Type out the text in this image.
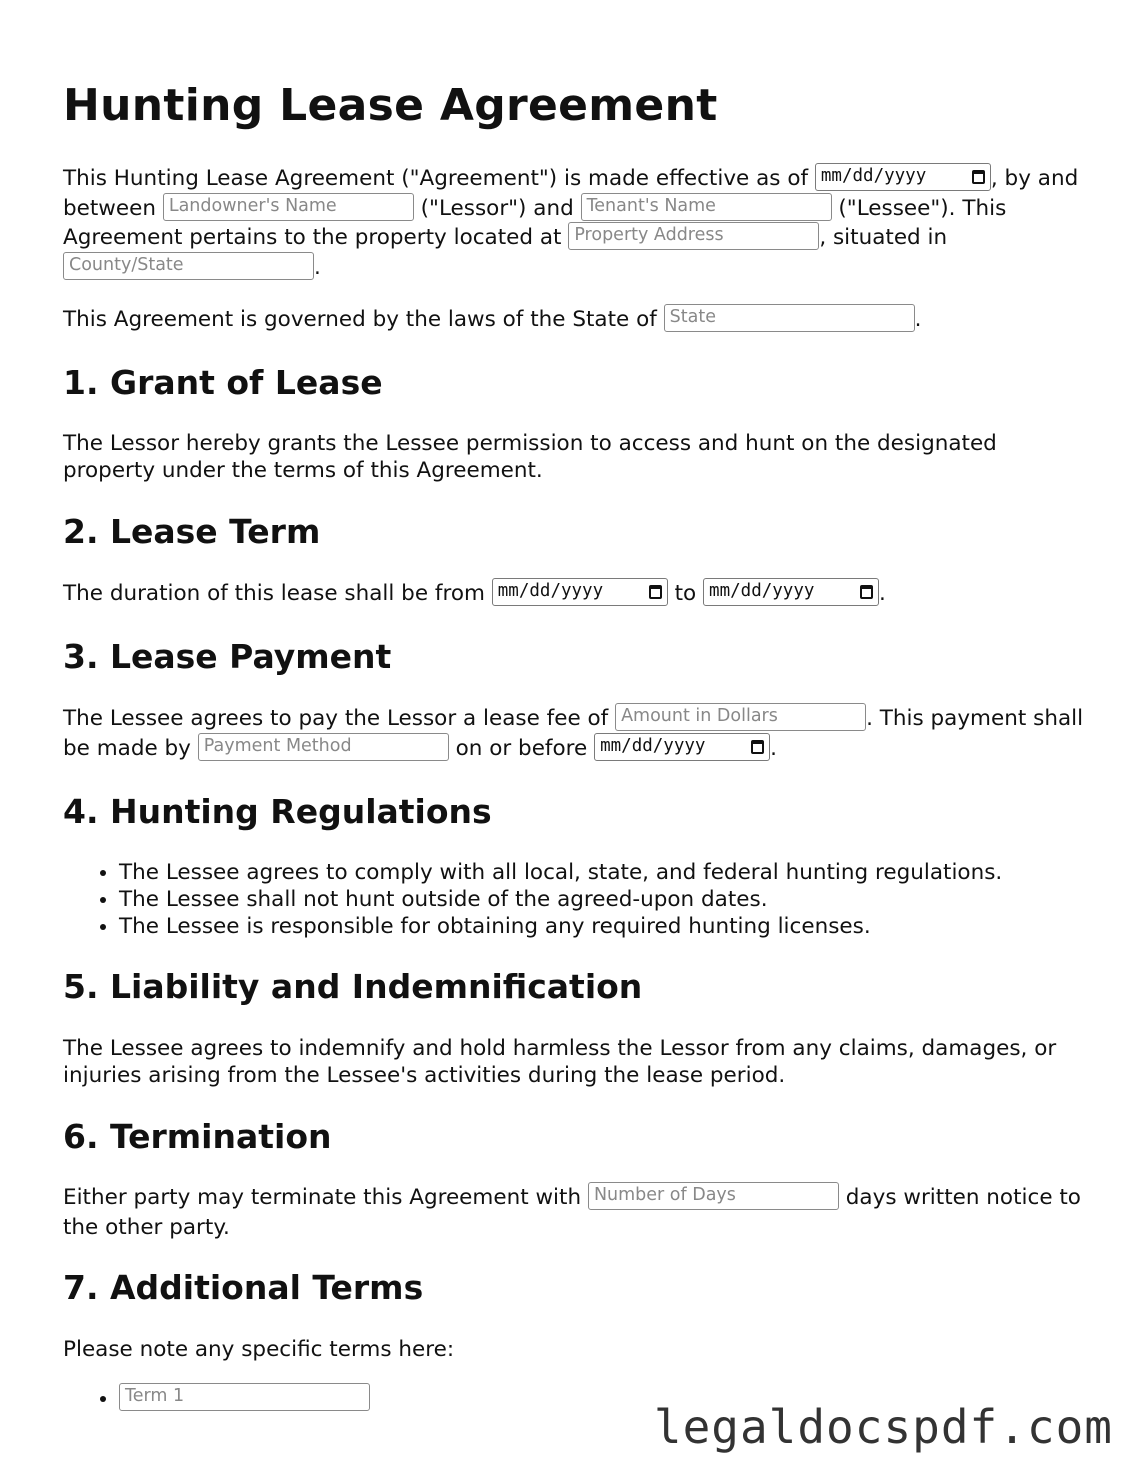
Hunting Lease Agreement

This Hunting Lease Agreement ("Agreement") is made effective as of mm/dd/yyyy	, by and between Landowner's Name	("Lessor") and Tenant's Name	("Lessee"). This Agreement pertains to the property located at Property Address	, situated in County/State	.

This Agreement is governed by the laws of the State of State	.

1. Grant of Lease

The Lessor hereby grants the Lessee permission to access and hunt on the designated property under the terms of this Agreement.

2. Lease Term

The duration of this lease shall be from mm/dd/yyyy	to mm/dd/yyyy	.

3. Lease Payment

The Lessee agrees to pay the Lessor a lease fee of Amount in Dollars	. This payment shall be made by Payment Method	on or before mm/dd/yyyy	.

4. Hunting Regulations
• The Lessee agrees to comply with all local, state, and federal hunting regulations.
• The Lessee shall not hunt outside of the agreed-upon dates.
• The Lessee is responsible for obtaining any required hunting licenses.
5. Liability and Indemnification

The Lessee agrees to indemnify and hold harmless the Lessor from any claims, damages, or injuries arising from the Lessee's activities during the lease period.

6. Termination

Either party may terminate this Agreement with Number of Days	days written notice to the other party.

7. Additional Terms

Please note any specific terms here:

• Term 1
legaldocspdf.com
